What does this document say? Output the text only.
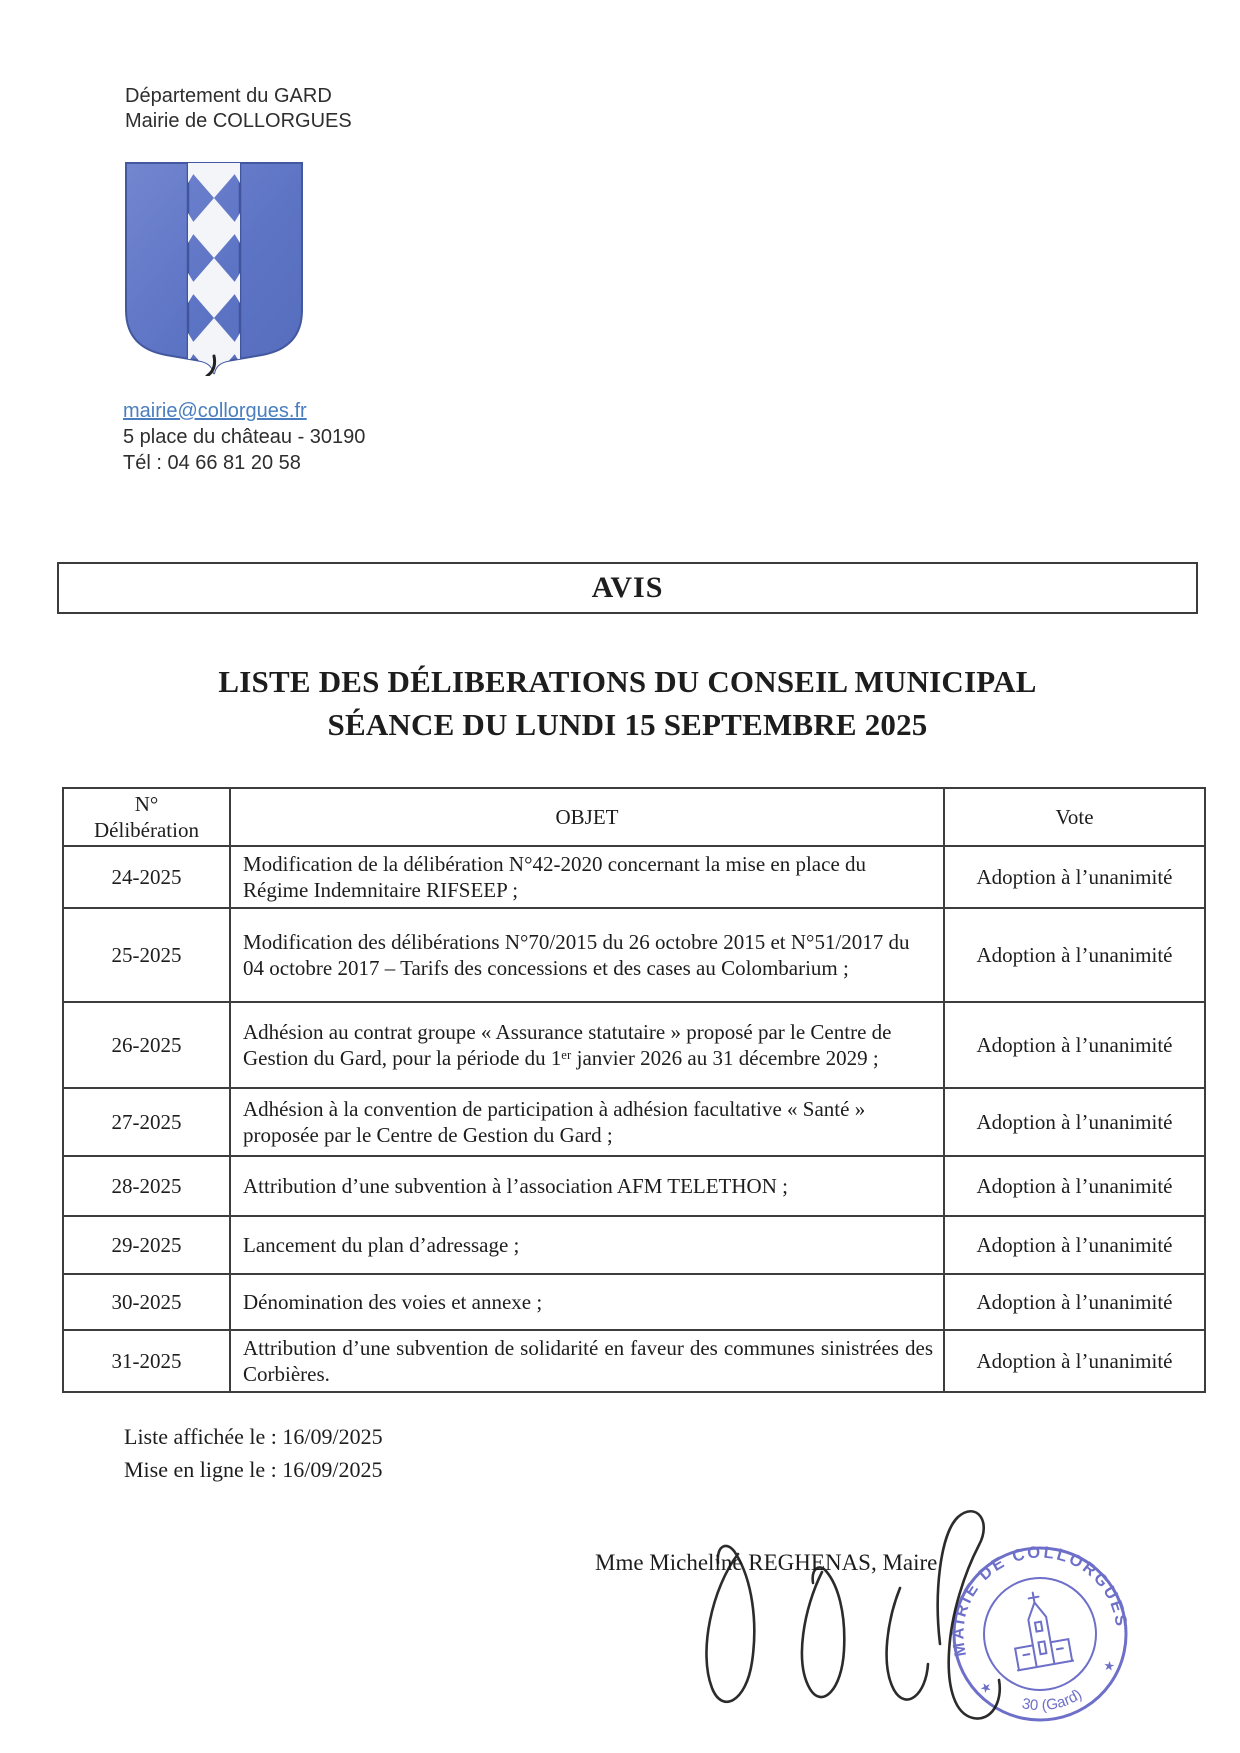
Département du GARD
Mairie de COLLORGUES
mairie@collorgues.fr
5 place du château - 30190
Tél : 04 66 81 20 58
AVIS
LISTE DES DÉLIBERATIONS DU CONSEIL MUNICIPAL
SÉANCE DU LUNDI 15 SEPTEMBRE 2025
N°
Délibération	OBJET	Vote
24-2025	Modification de la délibération N°42-2020 concernant la mise en place du Régime Indemnitaire RIFSEEP ;	Adoption à l’unanimité
25-2025	Modification des délibérations N°70/2015 du 26 octobre 2015 et N°51/2017 du 04 octobre 2017 – Tarifs des concessions et des cases au Colombarium ;	Adoption à l’unanimité
26-2025	Adhésion au contrat groupe « Assurance statutaire » proposé par le Centre de Gestion du Gard, pour la période du 1ᵉʳ janvier 2026 au 31 décembre 2029 ;	Adoption à l’unanimité
27-2025	Adhésion à la convention de participation à adhésion facultative « Santé » proposée par le Centre de Gestion du Gard ;	Adoption à l’unanimité
28-2025	Attribution d’une subvention à l’association AFM TELETHON ;	Adoption à l’unanimité
29-2025	Lancement du plan d’adressage ;	Adoption à l’unanimité
30-2025	Dénomination des voies et annexe ;	Adoption à l’unanimité
31-2025	Attribution d’une subvention de solidarité en faveur des communes sinistrées des Corbières.	Adoption à l’unanimité
Liste affichée le : 16/09/2025
Mise en ligne le : 16/09/2025
Mme Micheline REGHENAS, Maire
MAIRIE DE COLLORGUES
30 (Gard)
★
★
